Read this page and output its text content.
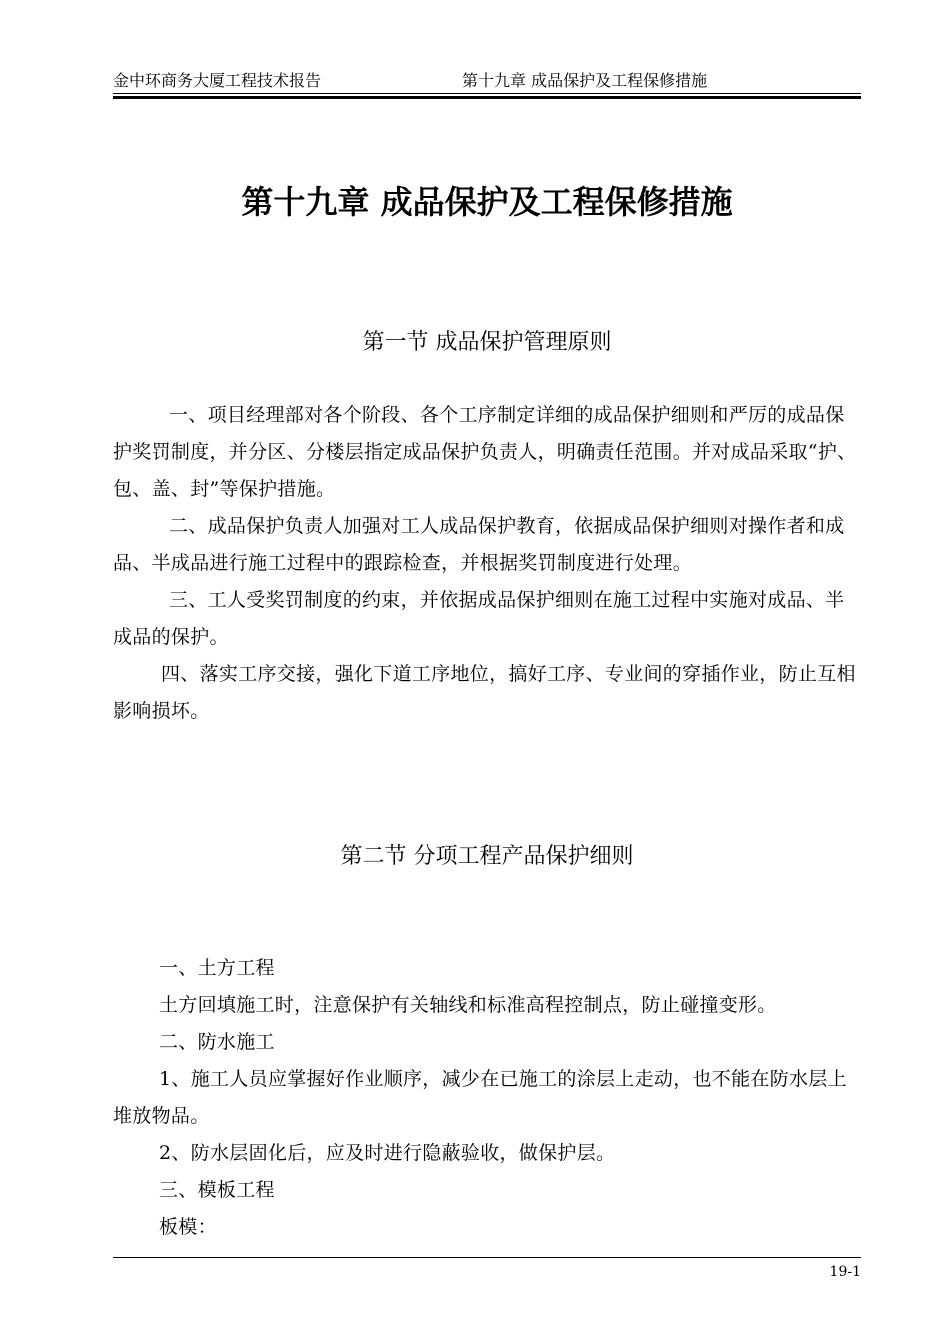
金中环商务大厦工程技术报告	第十九章 成品保护及工程保修措施
第十九章 成品保护及工程保修措施
第一节 成品保护管理原则

一、项目经理部对各个阶段、各个工序制定详细的成品保护细则和严厉的成品保护奖罚制度，并分区、分楼层指定成品保护负责人，明确责任范围。并对成品采取“护、包、盖、封”等保护措施。

二、成品保护负责人加强对工人成品保护教育，依据成品保护细则对操作者和成品、半成品进行施工过程中的跟踪检查，并根据奖罚制度进行处理。

三、工人受奖罚制度的约束，并依据成品保护细则在施工过程中实施对成品、半成品的保护。

四、落实工序交接，强化下道工序地位，搞好工序、专业间的穿插作业，防止互相影响损坏。

第二节 分项工程产品保护细则

一、土方工程

土方回填施工时，注意保护有关轴线和标准高程控制点，防止碰撞变形。

二、防水施工

1、施工人员应掌握好作业顺序，减少在已施工的涂层上走动，也不能在防水层上堆放物品。

2、防水层固化后，应及时进行隐蔽验收，做保护层。

三、模板工程

板模：

19-1
